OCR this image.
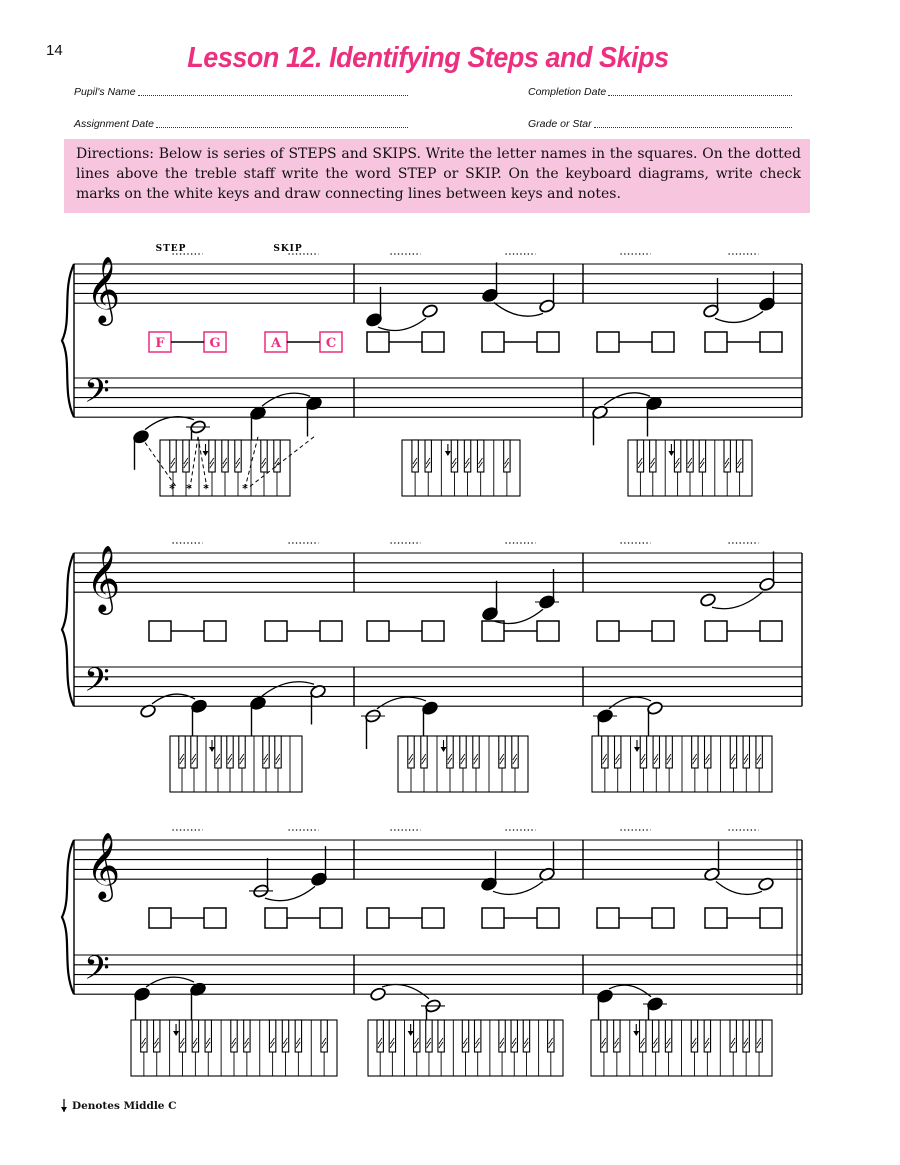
14	Lesson 12. Identifying Steps and Skips
Pupil's Name	Completion Date
Assignment Date	Grade or Star
Directions: Below is series of STEPS and SKIPS. Write the letter names in the squares. On the dotted lines above the treble staff write the word STEP or SKIP. On the keyboard diagrams, write check marks on the white keys and draw connecting lines between keys and notes.
𝄞
𝄢
F	G	A	C
STEP	SKIP
* * *	*
𝄞
𝄢
𝄞
𝄢
Denotes Middle C
